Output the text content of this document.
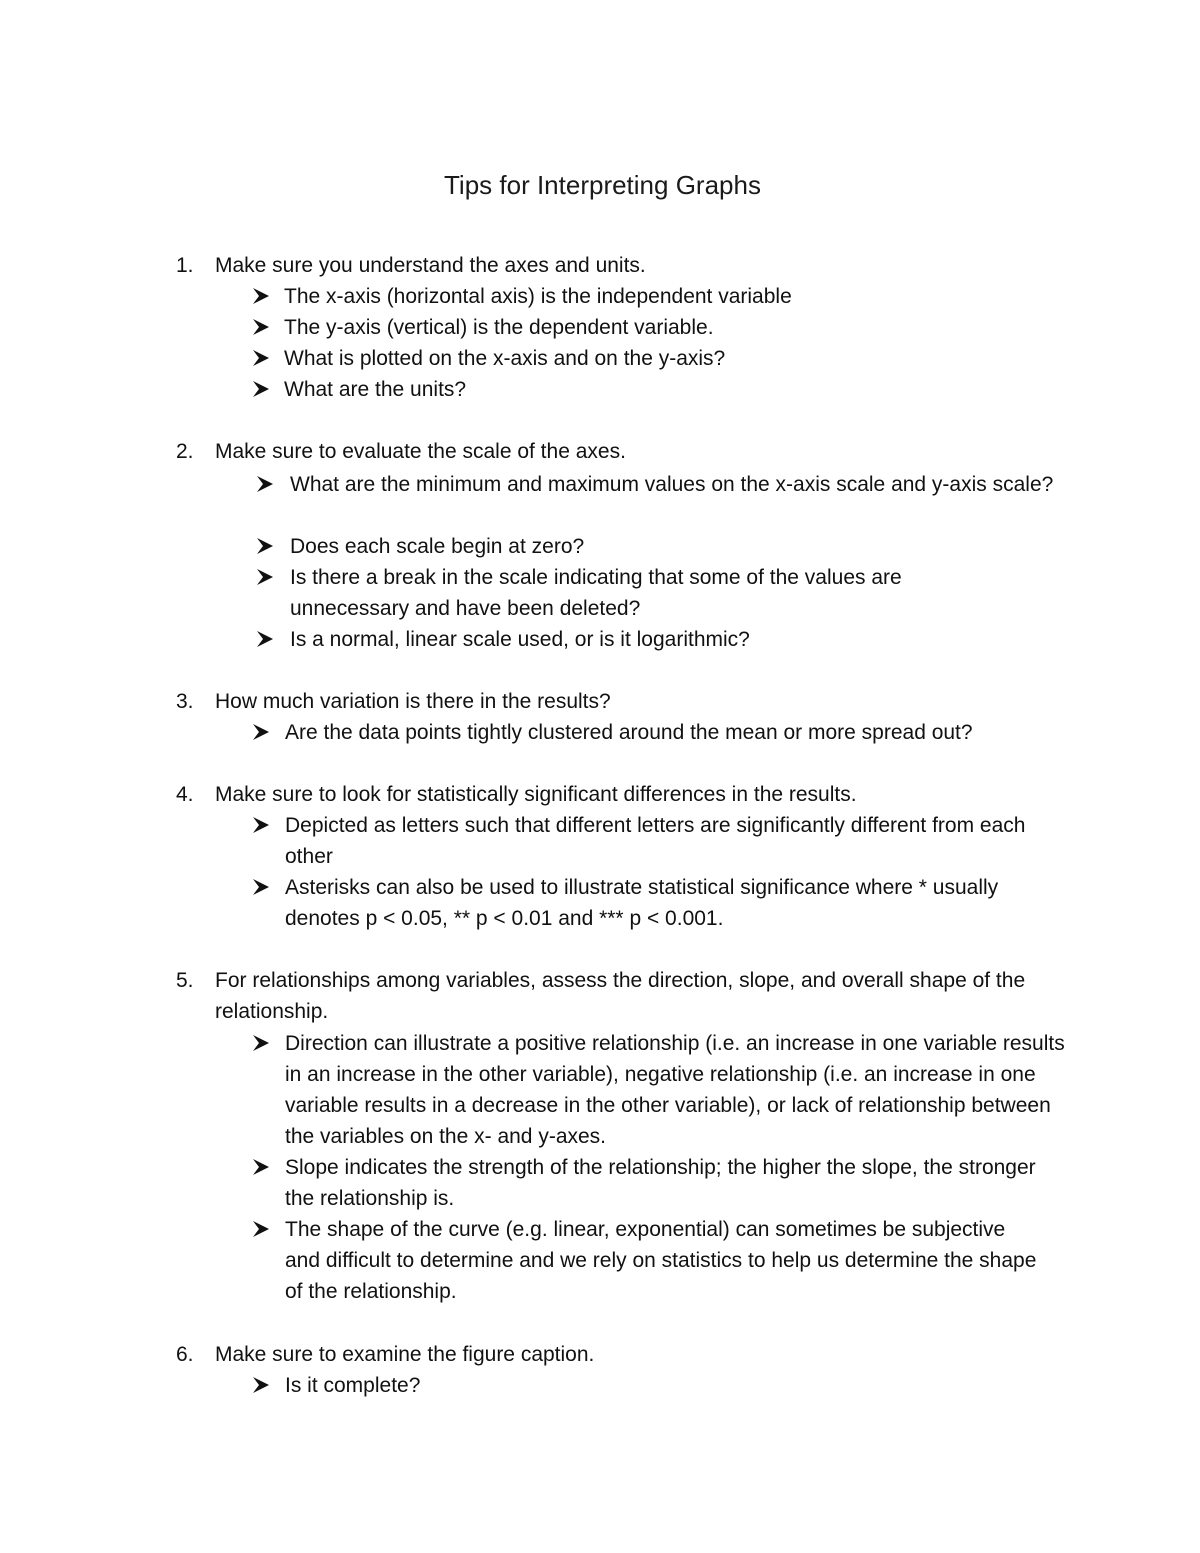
Tips for Interpreting Graphs
1. Make sure you understand the axes and units.
The x-axis (horizontal axis) is the independent variable
The y-axis (vertical) is the dependent variable.
What is plotted on the x-axis and on the y-axis?
What are the units?
2. Make sure to evaluate the scale of the axes.
What are the minimum and maximum values on the x-axis scale and y-axis scale?
Does each scale begin at zero?
Is there a break in the scale indicating that some of the values are unnecessary and have been deleted?
Is a normal, linear scale used, or is it logarithmic?
3. How much variation is there in the results?
Are the data points tightly clustered around the mean or more spread out?
4. Make sure to look for statistically significant differences in the results.
Depicted as letters such that different letters are significantly different from each other
Asterisks can also be used to illustrate statistical significance where * usually denotes p < 0.05, ** p < 0.01 and *** p < 0.001.
5. For relationships among variables, assess the direction, slope, and overall shape of the relationship.
Direction can illustrate a positive relationship (i.e. an increase in one variable results in an increase in the other variable), negative relationship (i.e. an increase in one variable results in a decrease in the other variable), or lack of relationship between the variables on the x- and y-axes.
Slope indicates the strength of the relationship; the higher the slope, the stronger the relationship is.
The shape of the curve (e.g. linear, exponential) can sometimes be subjective and difficult to determine and we rely on statistics to help us determine the shape of the relationship.
6. Make sure to examine the figure caption.
Is it complete?
